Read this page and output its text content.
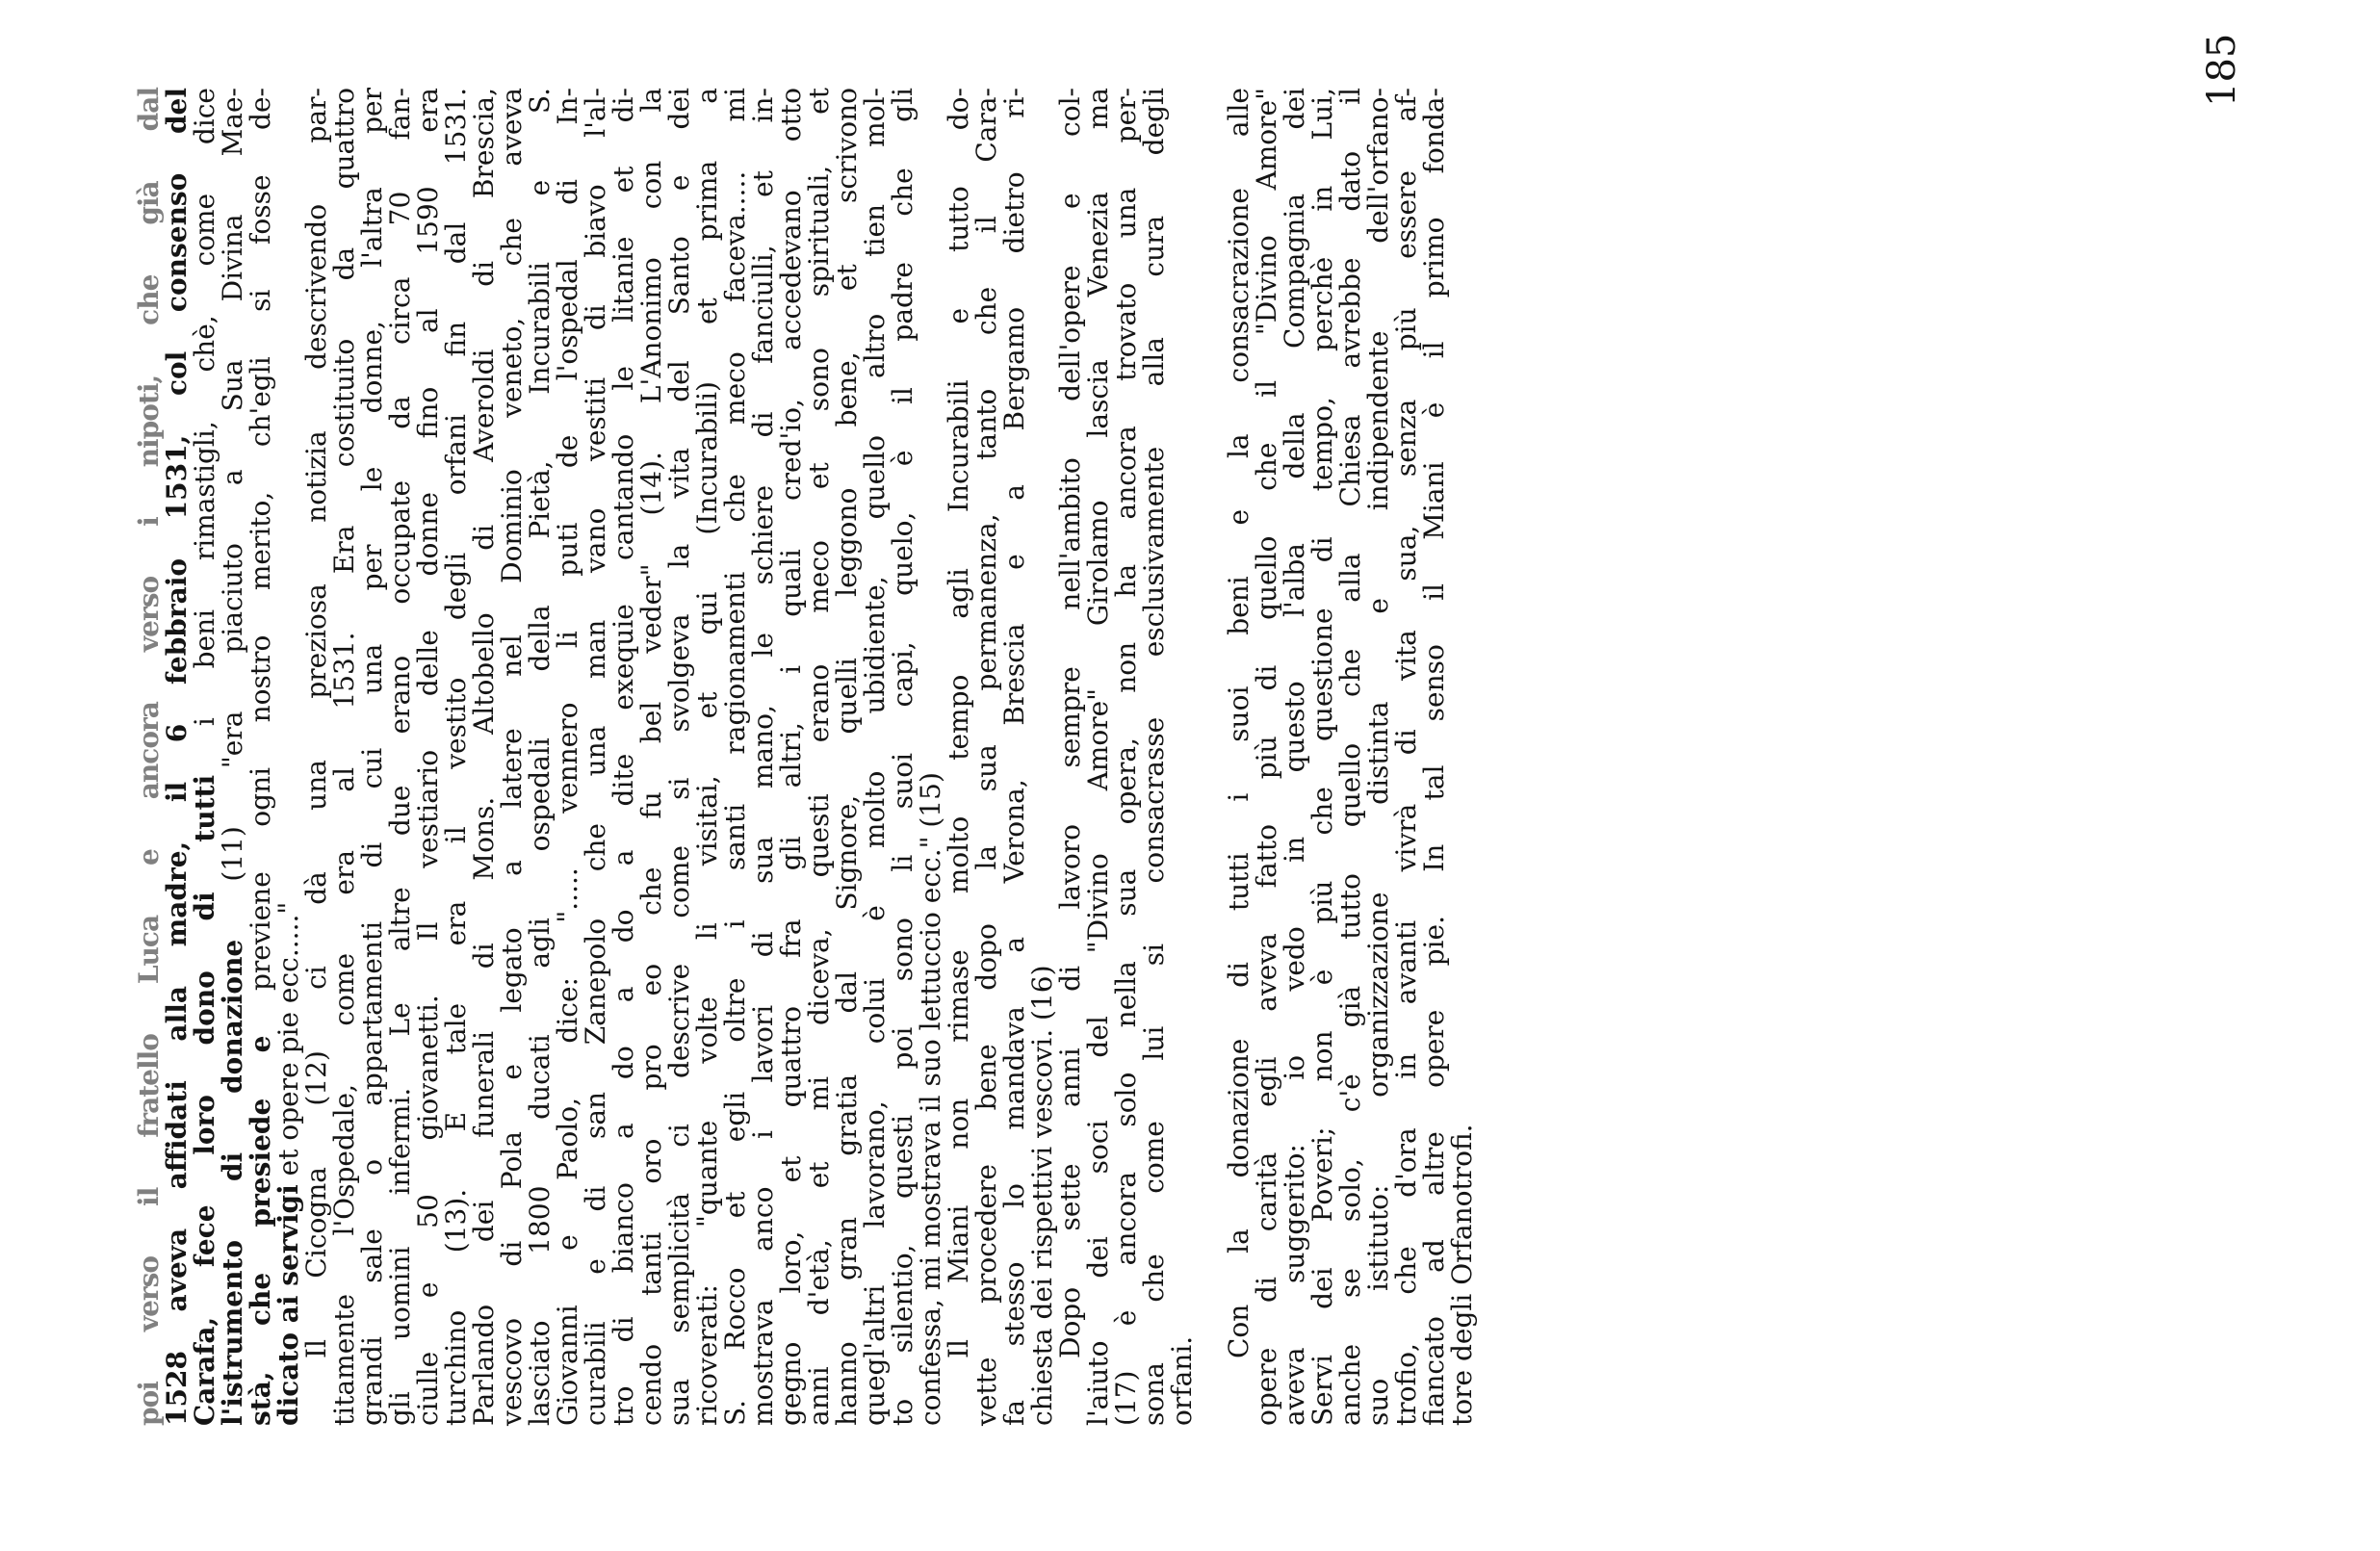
poi verso il fratello Luca e ancora verso i nipoti, che già dal
1528 aveva affidati alla madre, il 6 febbraio 1531, col consenso del
Carafa, fece loro dono di tutti i beni rimastigli, chè, come dice
l'istrumento di donazione (11) "era piaciuto a Sua Divina Mae-
stà, che presiede e previene ogni nostro merito, ch'egli si fosse de-
dicato ai servigi et opere pie ecc....."
Il Cicogna (12) ci dà una preziosa notizia descrivendo par-
titamente l'Ospedale, come era al 1531. Era costituito da quattro
grandi sale o appartamenti di cui una per le donne, l'altra per
gli uomini infermi. Le altre due erano occupate da circa 70 fan-
ciulle e 50 giovanetti. Il vestiario delle donne fino al 1590 era
turchino (13). E tale era il vestito degli orfani fin dal 1531.
Parlando dei funerali di Mons. Altobello di Averoldi di Brescia,
vescovo di Pola e legato a latere nel Dominio veneto, che aveva
lasciato 1800 ducati agli ospedali della Pietà, Incurabili e S.
Giovanni e Paolo, dice: "..... vennero li puti de l'ospedal di In-
curabili e di san Zanepolo che una man vano vestiti di biavo l'al-
tro di bianco a do a do a dite exequie cantando le litanie et di-
cendo tanti oro pro eo che fu bel veder" (14). L'Anonimo con la
sua semplicità ci descrive come si svolgeva la vita del Santo e dei
ricoverati: "quante volte li visitai, et qui (Incurabili) et prima a
S. Rocco et egli oltre i santi ragionamenti che meco faceva..... mi
mostrava anco i lavori di sua mano, le schiere di fanciulli, et in-
gegno loro, et quattro fra gli altri, i quali cred'io, accedevano otto
anni d'età, et mi diceva, questi erano meco et sono spirituali, et
hanno gran gratia dal Signore, quelli leggono bene, et scrivono
quegl'altri lavorano, colui è molto ubidiente, quello altro tien mol-
to silentio, questi poi sono li suoi capi, quelo, è il padre che gli
confessa, mi mostrava il suo lettuccio ecc." (15)
Il Miani non rimase molto tempo agli Incurabili e tutto do-
vette procedere bene dopo la sua permanenza, tanto che il Cara-
fa stesso lo mandava a Verona, Brescia e a Bergamo dietro ri-
chiesta dei rispettivi vescovi. (16)
Dopo sette anni di lavoro sempre nell'ambito dell'opere e col-
l'aiuto dei soci del "Divino Amore" Girolamo lascia Venezia ma
(17) è ancora solo nella sua opera, non ha ancora trovato una per-
sona che come lui si consacrasse esclusivamente alla cura degli
orfani.
Con la donazione di tutti i suoi beni e la consacrazione alle
opere di carità egli aveva fatto più di quello che il "Divino Amore"
aveva suggerito: io vedo in questo l'alba della Compagnia dei
Servi dei Poveri; non è più che questione di tempo, perchè in Lui,
anche se solo, c'è già tutto quello che alla Chiesa avrebbe dato il
suo istituto: organizzazione distinta e indipendente dell'orfano-
trofio, che d'ora in avanti vivrà di vita sua, senza più essere af-
fiancato ad altre opere pie. In tal senso il Miani è il primo fonda-
tore degli Orfanotrofi.
185
